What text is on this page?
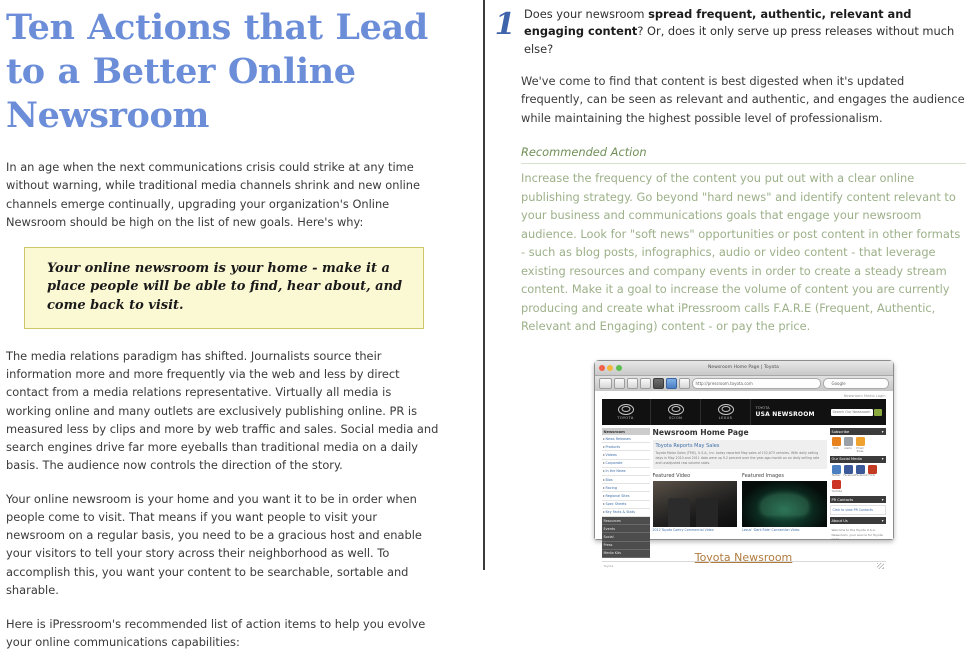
Ten Actions that Lead to a Better Online Newsroom

In an age when the next communications crisis could strike at any time without warning, while traditional media channels shrink and new online channels emerge continually, upgrading your organization's Online Newsroom should be high on the list of new goals. Here's why:

Your online newsroom is your home - make it a place people will be able to find, hear about, and come back to visit.

The media relations paradigm has shifted. Journalists source their information more and more frequently via the web and less by direct contact from a media relations representative. Virtually all media is working online and many outlets are exclusively publishing online. PR is measured less by clips and more by web traffic and sales. Social media and search engines drive far more eyeballs than traditional media on a daily basis. The audience now controls the direction of the story.

Your online newsroom is your home and you want it to be in order when people come to visit. That means if you want people to visit your newsroom on a regular basis, you need to be a gracious host and enable your visitors to tell your story across their neighborhood as well. To accomplish this, you want your content to be searchable, sortable and sharable.

Here is iPressroom's recommended list of action items to help you evolve your online communications capabilities:

1 Does your newsroom spread frequent, authentic, relevant and engaging content? Or, does it only serve up press releases without much else?

We've come to find that content is best digested when it's updated frequently, can be seen as relevant and authentic, and engages the audience while maintaining the highest possible level of professionalism.

Recommended Action

Increase the frequency of the content you put out with a clear online publishing strategy. Go beyond "hard news" and identify content relevant to your business and communications goals that engage your newsroom audience. Look for "soft news" opportunities or post content in other formats - such as blog posts, infographics, audio or video content - that leverage existing resources and company events in order to create a steady stream content. Make it a goal to increase the volume of content you are currently producing and create what iPressroom calls F.A.R.E (Frequent, Authentic, Relevant and Engaging) content - or pay the price.

Newsroom Home Page | Toyota
http://pressroom.toyota.com	Google
Newsroom Media Login
TOYOTA	SCION	LEXUS
TOYOTA
USA NEWSROOM	Search Our Newsroom
Newsroom
News Releases
Products
Videos
Corporate
In the News
Bios
Racing
Regional Sites
Spec Sheets
Key Facts & Stats
Resources
Events
Social
Press
Media Kits
Newsroom Home Page
Toyota Reports May Sales
Toyota Motor Sales (TMS), U.S.A., Inc. today reported May sales of 152,673 vehicles. With daily selling days in May 2010 and 2011 data were up 9.2 percent over the year-ago month on an daily selling rate and unadjusted raw volume sales.
Featured Video
2012 Toyota Camry Commercial Video
Featured Images
Lexus' 'Dark Ride' Connection Video
Subscribe	▾
RSS	Alerts	Email Press
Our Social Media	▾
Twitter Facebook Facebook Flickr
YouTube
PR Contacts	▾
Click to view PR Contacts
About Us	▾
Welcome to the Toyota U.S.A. Newsroom, your source for Toyota news.
Toyota
Toyota Newsroom
